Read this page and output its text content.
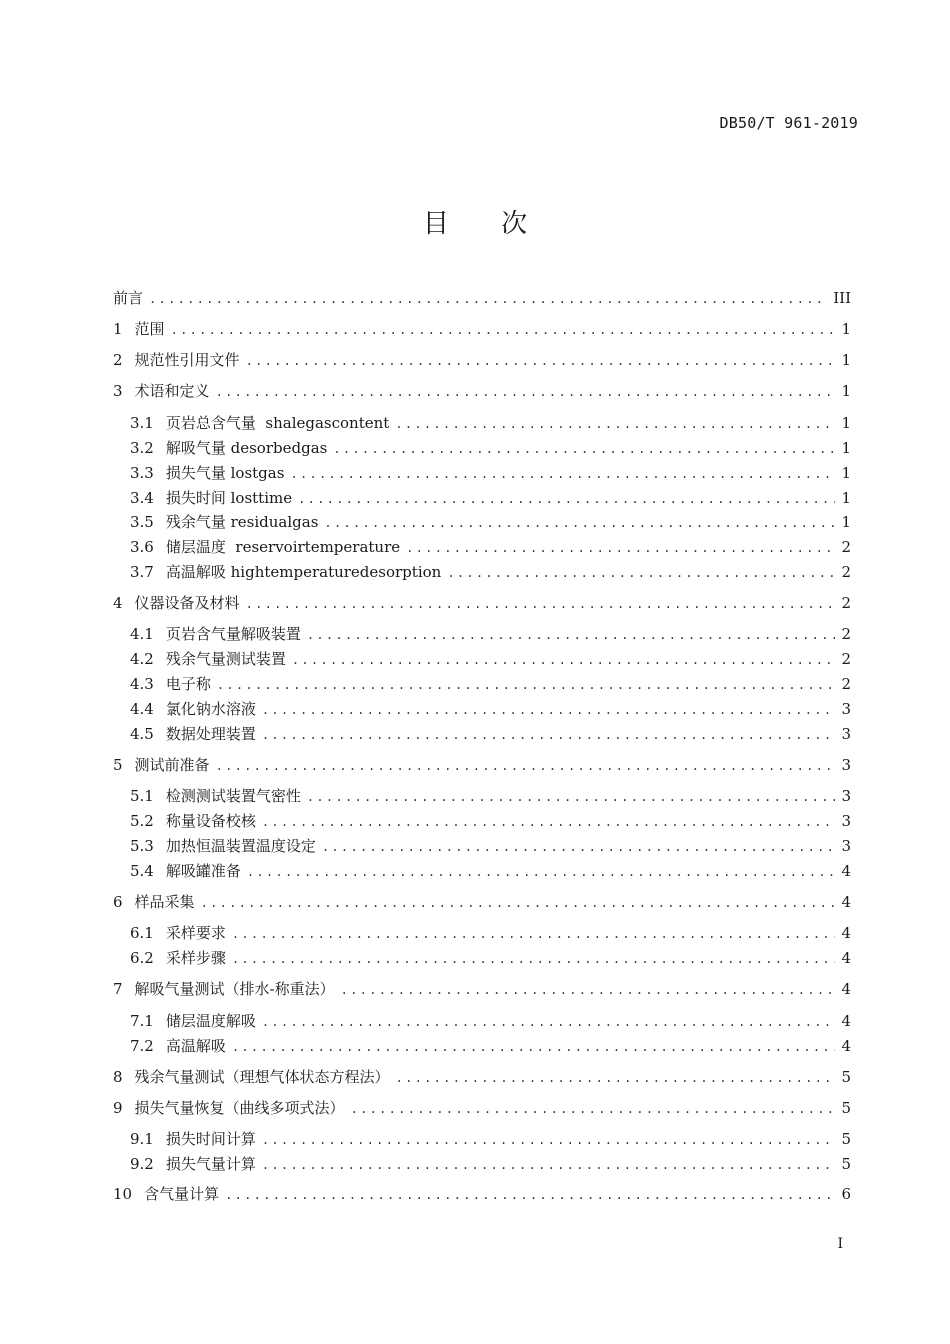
DB50/T 961-2019
目 次
前言 .....	III
1 范围 .....	1
2 规范性引用文件 .....	1
3 术语和定义 .....	1
3.1 页岩总含气量  shalegascontent .....	1
3.2 解吸气量 desorbedgas .....	1
3.3 损失气量 lostgas .....	1
3.4 损失时间 losttime .....	1
3.5 残余气量 residualgas .....	1
3.6 储层温度  reservoirtemperature .....	2
3.7 高温解吸 hightemperaturedesorption .....	2
4 仪器设备及材料 .....	2
4.1 页岩含气量解吸装置 .....	2
4.2 残余气量测试装置 .....	2
4.3 电子称 .....	2
4.4 氯化钠水溶液 .....	3
4.5 数据处理装置 .....	3
5 测试前准备 .....	3
5.1 检测测试装置气密性 .....	3
5.2 称量设备校核 .....	3
5.3 加热恒温装置温度设定 .....	3
5.4 解吸罐准备 .....	4
6 样品采集 .....	4
6.1 采样要求 .....	4
6.2 采样步骤 .....	4
7 解吸气量测试（排水-称重法） .....	4
7.1 储层温度解吸 .....	4
7.2 高温解吸 .....	4
8 残余气量测试（理想气体状态方程法） .....	5
9 损失气量恢复（曲线多项式法） .....	5
9.1 损失时间计算 .....	5
9.2 损失气量计算 .....	5
10 含气量计算 .....	6
I
